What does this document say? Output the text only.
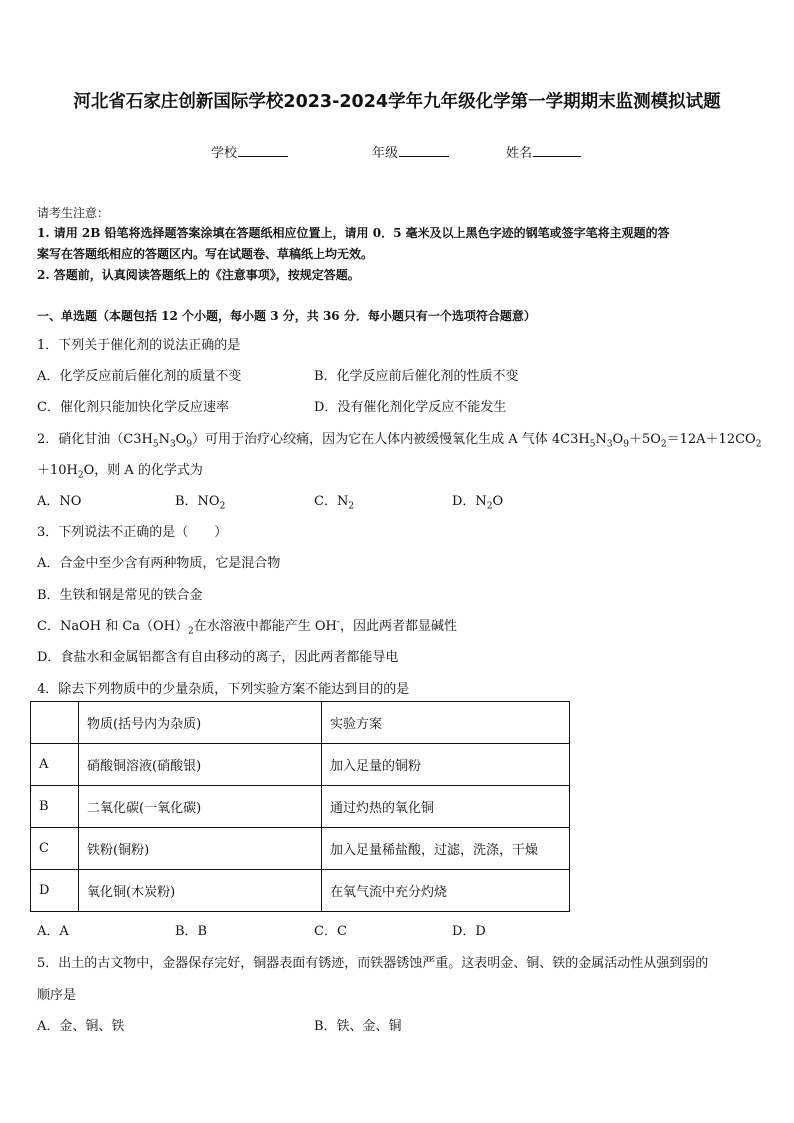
河北省石家庄创新国际学校2023-2024学年九年级化学第一学期期末监测模拟试题
学校	年级	姓名
请考生注意：
1. 请用 2B 铅笔将选择题答案涂填在答题纸相应位置上，请用 0．5 毫米及以上黑色字迹的钢笔或签字笔将主观题的答
案写在答题纸相应的答题区内。写在试题卷、草稿纸上均无效。
2. 答题前，认真阅读答题纸上的《注意事项》，按规定答题。
一、单选题（本题包括 12 个小题，每小题 3 分，共 36 分．每小题只有一个选项符合题意）
1．下列关于催化剂的说法正确的是
A．化学反应前后催化剂的质量不变	B．化学反应前后催化剂的性质不变
C．催化剂只能加快化学反应速率	D．没有催化剂化学反应不能发生
2．硝化甘油$(C3H_5N_3O_9)$可用于治疗心绞痛，因为它在人体内被缓慢氧化生成 A 气体 $4C3H_5N_3O_9+5O_2=12A+12CO_2$
$+10H_2O$，则 A 的化学式为
A．NO	B．$NO_2$	C．$N_2$	D．$N_2O$
3．下列说法不正确的是（　　）
A．合金中至少含有两种物质，它是混合物
B．生铁和钢是常见的铁合金
C．NaOH 和 $Ca(OH)_2$在水溶液中都能产生 OH-，因此两者都显碱性
D．食盐水和金属铝都含有自由移动的离子，因此两者都能导电
4．除去下列物质中的少量杂质，下列实验方案不能达到目的的是
	物质(括号内为杂质)	实验方案
A	硝酸铜溶液(硝酸银)	加入足量的铜粉
B	二氧化碳(一氧化碳)	通过灼热的氧化铜
C	铁粉(铜粉)	加入足量稀盐酸，过滤，洗涤，干燥
D	氧化铜(木炭粉)	在氧气流中充分灼烧
A．A	B．B	C．C	D．D
5．出土的古文物中，金器保存完好，铜器表面有锈迹，而铁器锈蚀严重。这表明金、铜、铁的金属活动性从强到弱的
顺序是
A．金、铜、铁	B．铁、金、铜
